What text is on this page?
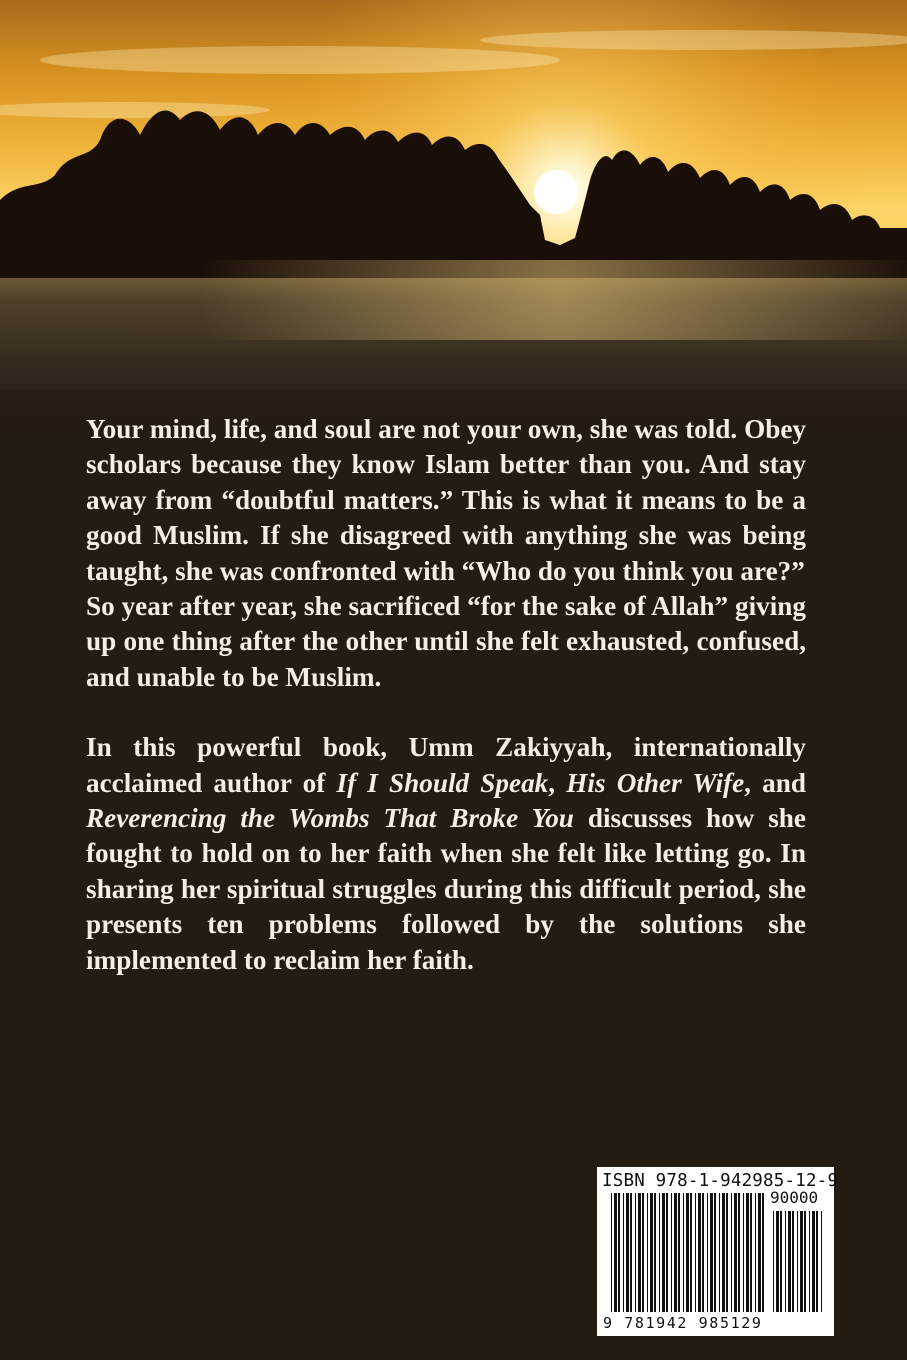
Your mind, life, and soul are not your own, she was told. Obey scholars because they know Islam better than you. And stay away from “doubtful matters.” This is what it means to be a good Muslim. If she disagreed with anything she was being taught, she was confronted with “Who do you think you are?”

So year after year, she sacrificed “for the sake of Allah” giving up one thing after the other until she felt exhausted, confused, and unable to be Muslim.

In this powerful book, Umm Zakiyyah, internationally acclaimed author of If I Should Speak, His Other Wife, and Reverencing the Wombs That Broke You discusses how she fought to hold on to her faith when she felt like letting go. In sharing her spiritual struggles during this difficult period, she presents ten problems followed by the solutions she implemented to reclaim her faith.

ISBN 978-1-942985-12-9
90000
9 781942 985129
